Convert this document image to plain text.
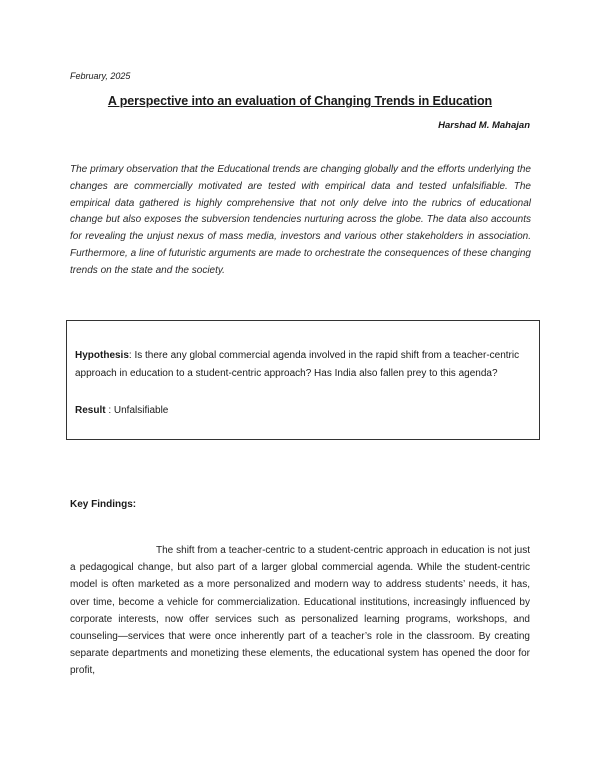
February, 2025
A perspective into an evaluation of Changing Trends in Education
Harshad M. Mahajan
The primary observation that the Educational trends are changing globally and the efforts underlying the changes are commercially motivated are tested with empirical data and tested unfalsifiable. The empirical data gathered is highly comprehensive that not only delve into the rubrics of educational change but also exposes the subversion tendencies nurturing across the globe. The data also accounts for revealing the unjust nexus of mass media, investors and various other stakeholders in association. Furthermore, a line of futuristic arguments are made to orchestrate the consequences of these changing trends on the state and the society.
Hypothesis: Is there any global commercial agenda involved in the rapid shift from a teacher-centric approach in education to a student-centric approach? Has India also fallen prey to this agenda?
Result : Unfalsifiable
Key Findings:
The shift from a teacher-centric to a student-centric approach in education is not just a pedagogical change, but also part of a larger global commercial agenda. While the student-centric model is often marketed as a more personalized and modern way to address students’ needs, it has, over time, become a vehicle for commercialization. Educational institutions, increasingly influenced by corporate interests, now offer services such as personalized learning programs, workshops, and counseling—services that were once inherently part of a teacher’s role in the classroom. By creating separate departments and monetizing these elements, the educational system has opened the door for profit,
